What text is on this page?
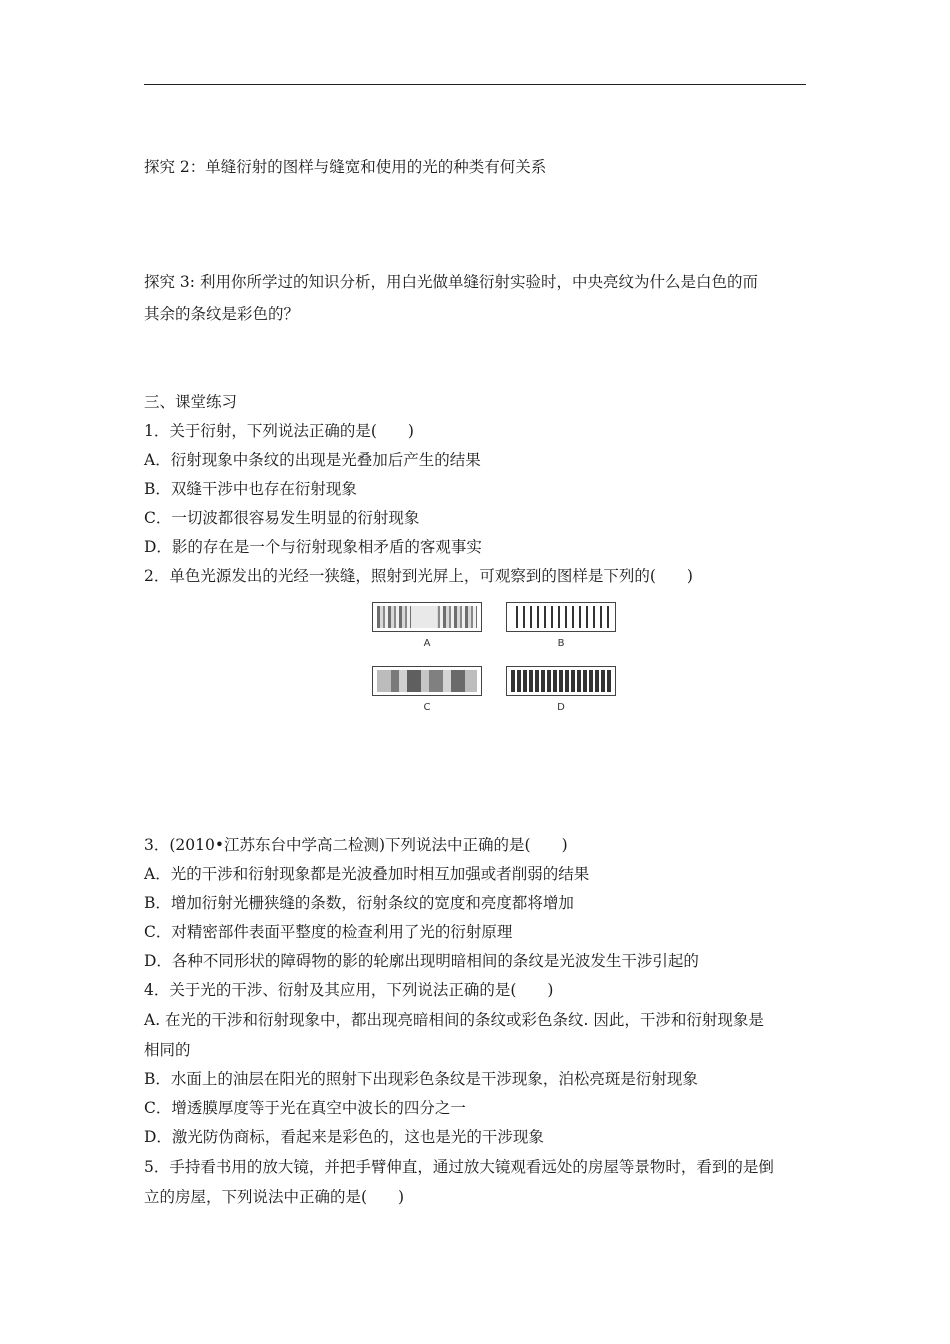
探究 2：单缝衍射的图样与缝宽和使用的光的种类有何关系
探究 3: 利用你所学过的知识分析，用白光做单缝衍射实验时，中央亮纹为什么是白色的而
其余的条纹是彩色的？
三、课堂练习
1．关于衍射，下列说法正确的是(　　)
A．衍射现象中条纹的出现是光叠加后产生的结果
B．双缝干涉中也存在衍射现象
C．一切波都很容易发生明显的衍射现象
D．影的存在是一个与衍射现象相矛盾的客观事实
2．单色光源发出的光经一狭缝，照射到光屏上，可观察到的图样是下列的(　　)
A	B
C	D
3．(2010•江苏东台中学高二检测)下列说法中正确的是(　　)
A．光的干涉和衍射现象都是光波叠加时相互加强或者削弱的结果
B．增加衍射光栅狭缝的条数，衍射条纹的宽度和亮度都将增加
C．对精密部件表面平整度的检查利用了光的衍射原理
D．各种不同形状的障碍物的影的轮廓出现明暗相间的条纹是光波发生干涉引起的
4．关于光的干涉、衍射及其应用，下列说法正确的是(　　)
A. 在光的干涉和衍射现象中，都出现亮暗相间的条纹或彩色条纹. 因此，干涉和衍射现象是
相同的
B．水面上的油层在阳光的照射下出现彩色条纹是干涉现象，泊松亮斑是衍射现象
C．增透膜厚度等于光在真空中波长的四分之一
D．激光防伪商标，看起来是彩色的，这也是光的干涉现象
5．手持看书用的放大镜，并把手臂伸直，通过放大镜观看远处的房屋等景物时，看到的是倒
立的房屋，下列说法中正确的是(　　)
